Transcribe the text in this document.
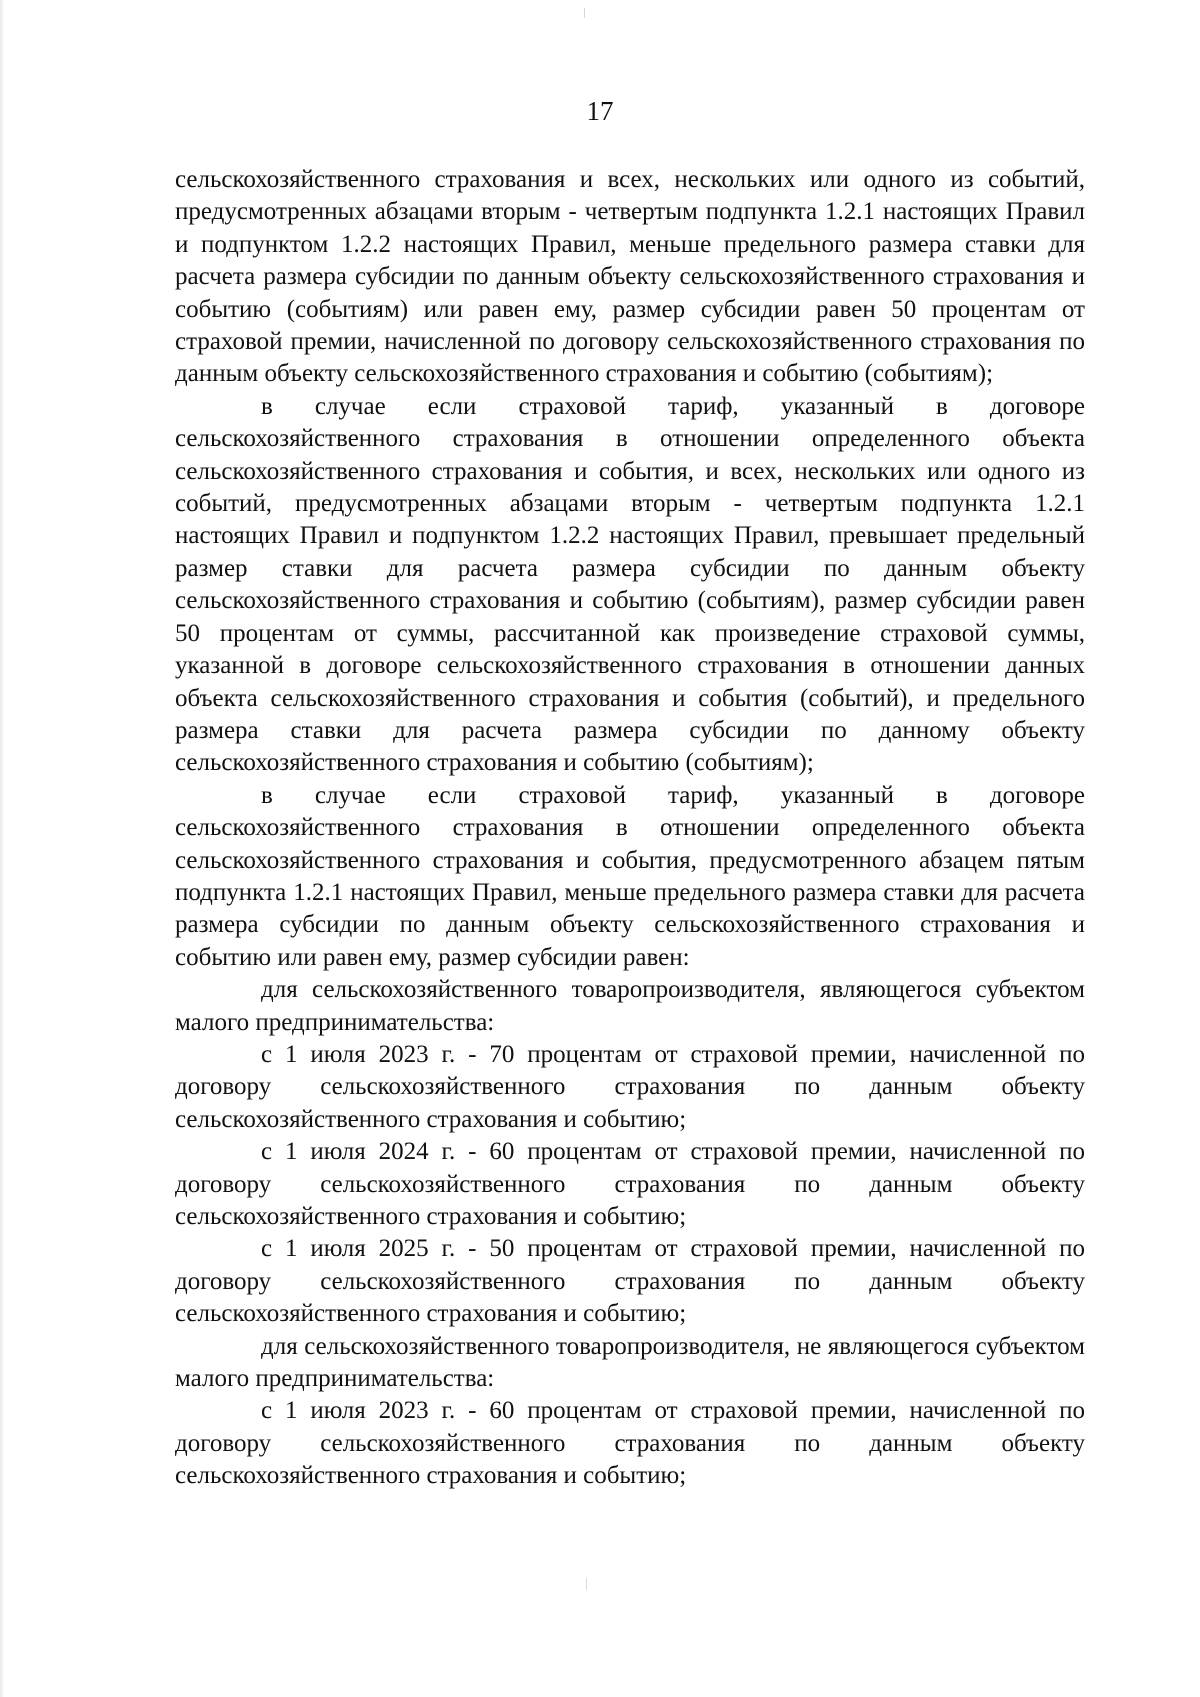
17

сельскохозяйственного страхования и всех, нескольких или одного из событий, предусмотренных абзацами вторым - четвертым подпункта 1.2.1 настоящих Правил и подпунктом 1.2.2 настоящих Правил, меньше предельного размера ставки для расчета размера субсидии по данным объекту сельскохозяйственного страхования и событию (событиям) или равен ему, размер субсидии равен 50 процентам от страховой премии, начисленной по договору сельскохозяйственного страхования по данным объекту сельскохозяйственного страхования и событию (событиям);

в случае если страховой тариф, указанный в договоре сельскохозяйственного страхования в отношении определенного объекта сельскохозяйственного страхования и события, и всех, нескольких или одного из событий, предусмотренных абзацами вторым - четвертым подпункта 1.2.1 настоящих Правил и подпунктом 1.2.2 настоящих Правил, превышает предельный размер ставки для расчета размера субсидии по данным объекту сельскохозяйственного страхования и событию (событиям), размер субсидии равен 50 процентам от суммы, рассчитанной как произведение страховой суммы, указанной в договоре сельскохозяйственного страхования в отношении данных объекта сельскохозяйственного страхования и события (событий), и предельного размера ставки для расчета размера субсидии по данному объекту сельскохозяйственного страхования и событию (событиям);

в случае если страховой тариф, указанный в договоре сельскохозяйственного страхования в отношении определенного объекта сельскохозяйственного страхования и события, предусмотренного абзацем пятым подпункта 1.2.1 настоящих Правил, меньше предельного размера ставки для расчета размера субсидии по данным объекту сельскохозяйственного страхования и событию или равен ему, размер субсидии равен:

для сельскохозяйственного товаропроизводителя, являющегося субъектом малого предпринимательства:

с 1 июля 2023 г. - 70 процентам от страховой премии, начисленной по договору сельскохозяйственного страхования по данным объекту сельскохозяйственного страхования и событию;

с 1 июля 2024 г. - 60 процентам от страховой премии, начисленной по договору сельскохозяйственного страхования по данным объекту сельскохозяйственного страхования и событию;

с 1 июля 2025 г. - 50 процентам от страховой премии, начисленной по договору сельскохозяйственного страхования по данным объекту сельскохозяйственного страхования и событию;

для сельскохозяйственного товаропроизводителя, не являющегося субъектом малого предпринимательства:

с 1 июля 2023 г. - 60 процентам от страховой премии, начисленной по договору сельскохозяйственного страхования по данным объекту сельскохозяйственного страхования и событию;
